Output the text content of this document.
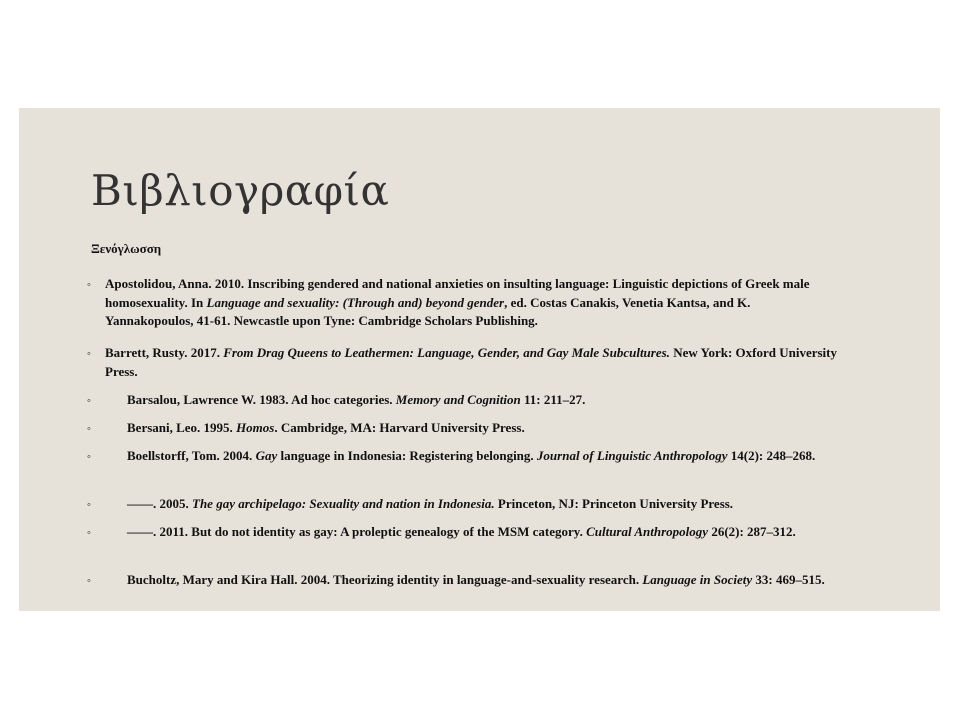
Βιβλιογραφία
Ξενόγλωσση
◦ Apostolidou, Anna. 2010. Inscribing gendered and national anxieties on insulting language: Linguistic depictions of Greek male homosexuality. In Language and sexuality: (Through and) beyond gender, ed. Costas Canakis, Venetia Kantsa, and K. Yannakopoulos, 41-61. Newcastle upon Tyne: Cambridge Scholars Publishing.
◦ Barrett, Rusty. 2017. From Drag Queens to Leathermen: Language, Gender, and Gay Male Subcultures. New York: Oxford University Press.
◦	Barsalou, Lawrence W. 1983. Ad hoc categories. Memory and Cognition 11: 211–27.
◦	Bersani, Leo. 1995. Homos. Cambridge, MA: Harvard University Press.
◦	Boellstorff, Tom. 2004. Gay language in Indonesia: Registering belonging. Journal of Linguistic Anthropology 14(2): 248–268.
◦	––––. 2005. The gay archipelago: Sexuality and nation in Indonesia. Princeton, NJ: Princeton University Press.
◦	––––. 2011. But do not identity as gay: A proleptic genealogy of the MSM category. Cultural Anthropology 26(2): 287–312.
◦	Bucholtz, Mary and Kira Hall. 2004. Theorizing identity in language-and-sexuality research. Language in Society 33: 469–515.
